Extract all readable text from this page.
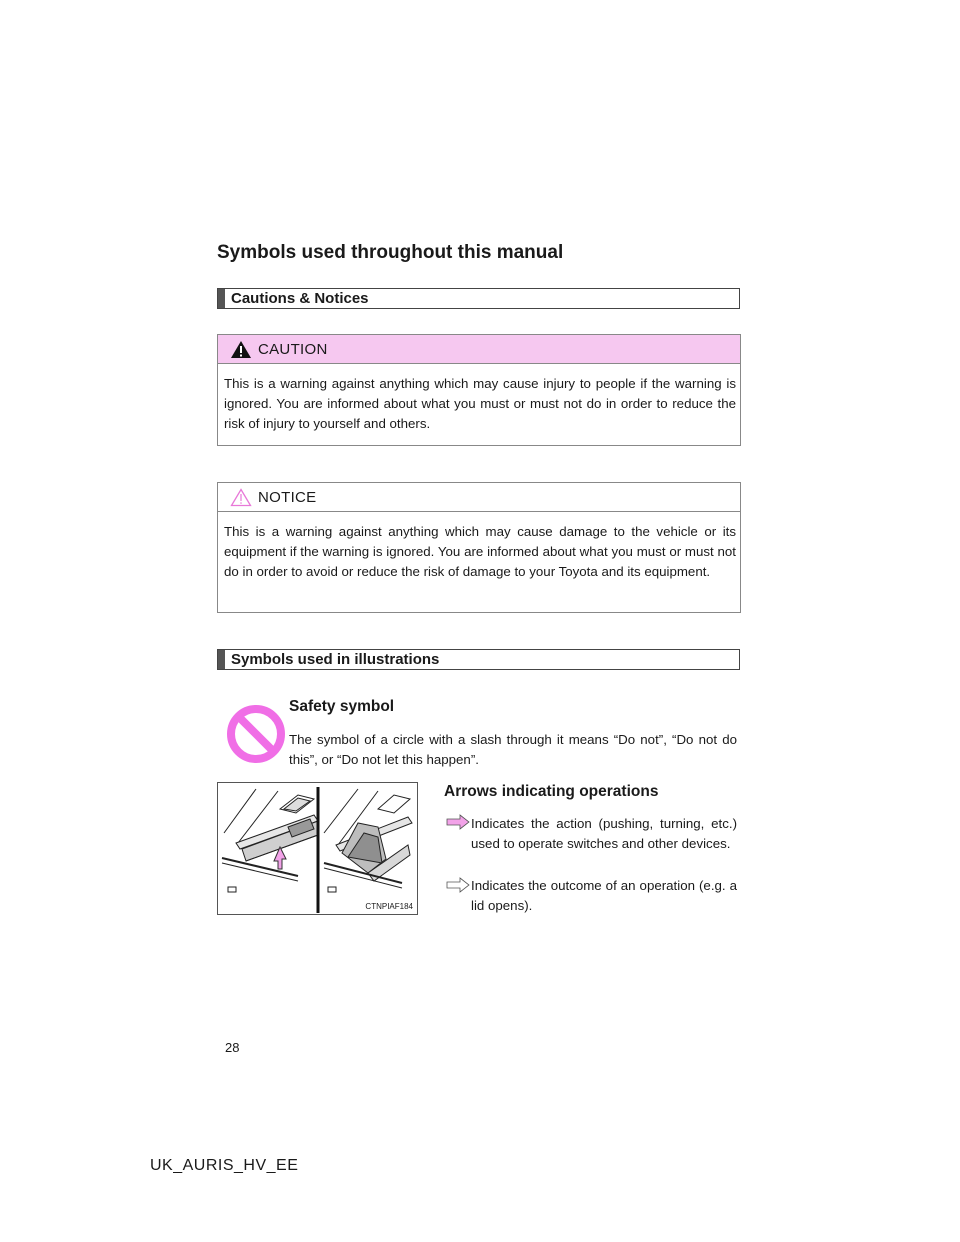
Symbols used throughout this manual
Cautions & Notices
CAUTION
This is a warning against anything which may cause injury to people if the warning is ignored. You are informed about what you must or must not do in order to reduce the risk of injury to yourself and others.
NOTICE
This is a warning against anything which may cause damage to the vehicle or its equipment if the warning is ignored. You are informed about what you must or must not do in order to avoid or reduce the risk of damage to your Toyota and its equipment.
Symbols used in illustrations
Safety symbol
The symbol of a circle with a slash through it means “Do not”, “Do not do this”, or “Do not let this happen”.
CTNPIAF184
Arrows indicating operations
Indicates the action (pushing, turning, etc.) used to operate switches and other devices.
Indicates the outcome of an operation (e.g. a lid opens).
28
UK_AURIS_HV_EE
